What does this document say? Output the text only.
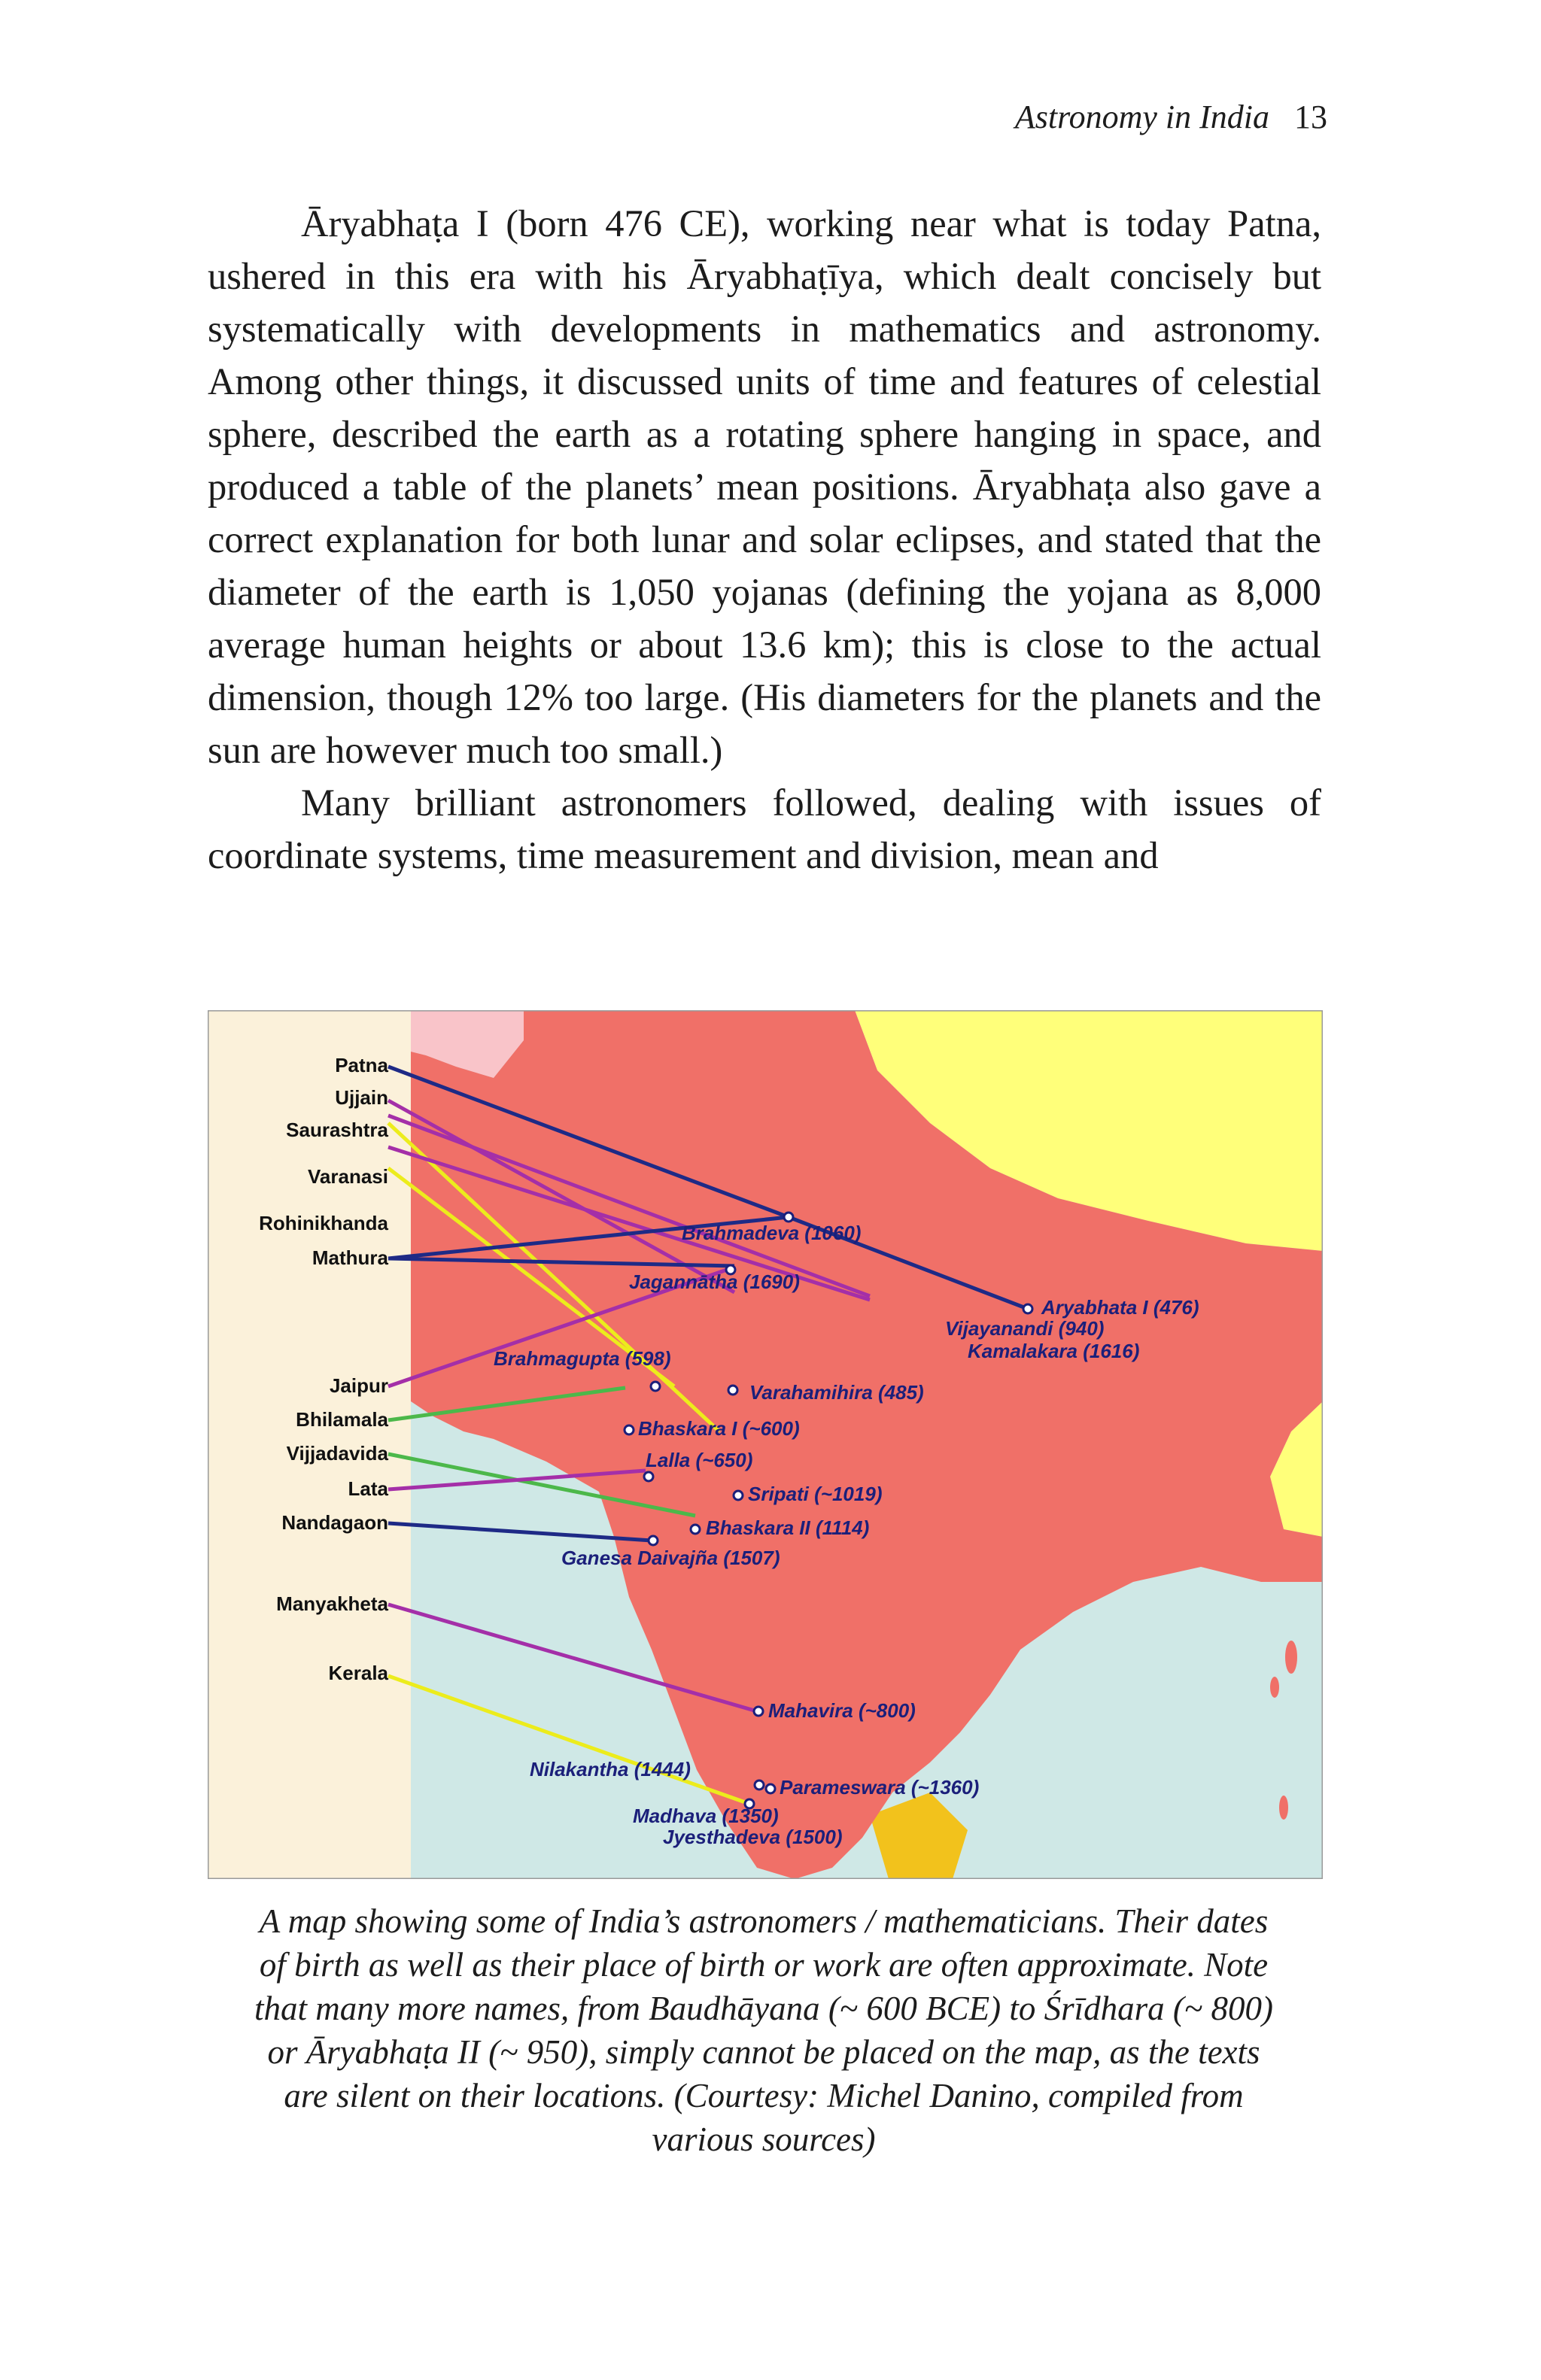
Astronomy in India 13

Āryabhaṭa I (born 476 CE), working near what is today Patna, ushered in this era with his Āryabhaṭīya, which dealt concisely but systematically with developments in mathematics and astronomy. Among other things, it discussed units of time and features of celestial sphere, described the earth as a rotating sphere hanging in space, and produced a table of the planets’ mean positions. Āryabhaṭa also gave a correct explanation for both lunar and solar eclipses, and stated that the diameter of the earth is 1,050 yojanas (defining the yojana as 8,000 average human heights or about 13.6 km); this is close to the actual dimension, though 12% too large. (His diameters for the planets and the sun are however much too small.)

Many brilliant astronomers followed, dealing with issues of coordinate systems, time measurement and division, mean and

Patna
Ujjain
Saurashtra
Varanasi
Rohinikhanda
Mathura
Jaipur
Bhilamala
Vijjadavida
Lata
Nandagaon
Manyakheta
Kerala
Brahmadeva (1060)
Jagannātha (1690)
Aryabhata I (476)
Vijayanandi (940)
Kamalakara (1616)
Brahmagupta (598)
Varahamihira (485)
Bhaskara I (~600)
Lalla (~650)
Sripati (~1019)
Bhaskara II (1114)
Ganesa Daivajña (1507)
Mahavira (~800)
Nilakantha (1444)
Parameswara (~1360)
Madhava (1350)
Jyesthadeva (1500)
A map showing some of India’s astronomers / mathematicians. Their dates
of birth as well as their place of birth or work are often approximate. Note
that many more names, from Baudhāyana (~ 600 BCE) to Śrīdhara (~ 800)
or Āryabhaṭa II (~ 950), simply cannot be placed on the map, as the texts
are silent on their locations. (Courtesy: Michel Danino, compiled from
various sources)
